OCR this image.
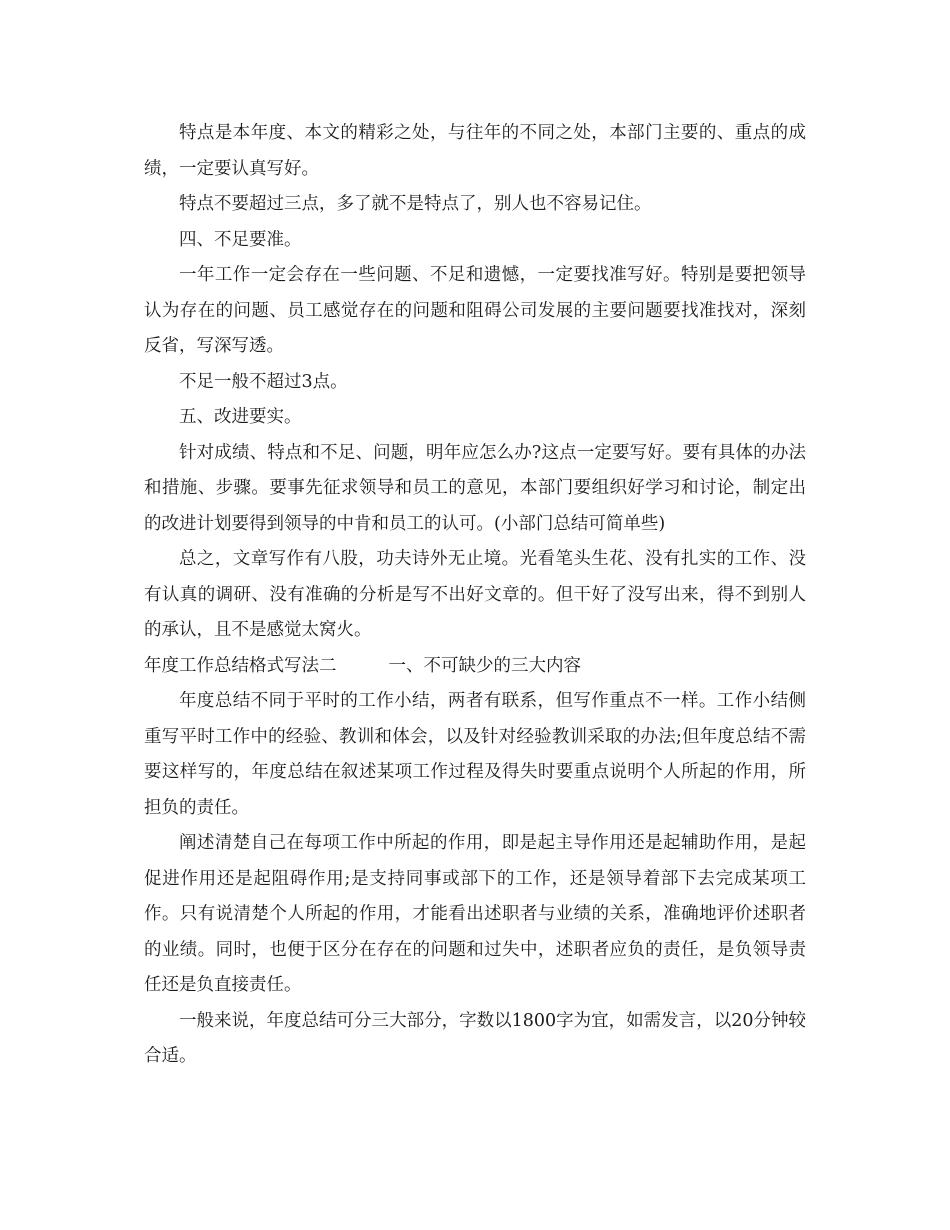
特点是本年度、本文的精彩之处，与往年的不同之处，本部门主要的、重点的成绩，一定要认真写好。

特点不要超过三点，多了就不是特点了，别人也不容易记住。

四、不足要准。

一年工作一定会存在一些问题、不足和遗憾，一定要找准写好。特别是要把领导认为存在的问题、员工感觉存在的问题和阻碍公司发展的主要问题要找准找对，深刻反省，写深写透。

不足一般不超过3点。

五、改进要实。

针对成绩、特点和不足、问题，明年应怎么办?这点一定要写好。要有具体的办法和措施、步骤。要事先征求领导和员工的意见，本部门要组织好学习和讨论，制定出的改进计划要得到领导的中肯和员工的认可。(小部门总结可简单些)

总之，文章写作有八股，功夫诗外无止境。光看笔头生花、没有扎实的工作、没有认真的调研、没有准确的分析是写不出好文章的。但干好了没写出来，得不到别人的承认，且不是感觉太窝火。

年度工作总结格式写法二	一、不可缺少的三大内容

年度总结不同于平时的工作小结，两者有联系，但写作重点不一样。工作小结侧重写平时工作中的经验、教训和体会，以及针对经验教训采取的办法;但年度总结不需要这样写的，年度总结在叙述某项工作过程及得失时要重点说明个人所起的作用，所担负的责任。

阐述清楚自己在每项工作中所起的作用，即是起主导作用还是起辅助作用，是起促进作用还是起阻碍作用;是支持同事或部下的工作，还是领导着部下去完成某项工作。只有说清楚个人所起的作用，才能看出述职者与业绩的关系，准确地评价述职者的业绩。同时，也便于区分在存在的问题和过失中，述职者应负的责任，是负领导责任还是负直接责任。

一般来说，年度总结可分三大部分，字数以1800字为宜，如需发言，以20分钟较合适。
